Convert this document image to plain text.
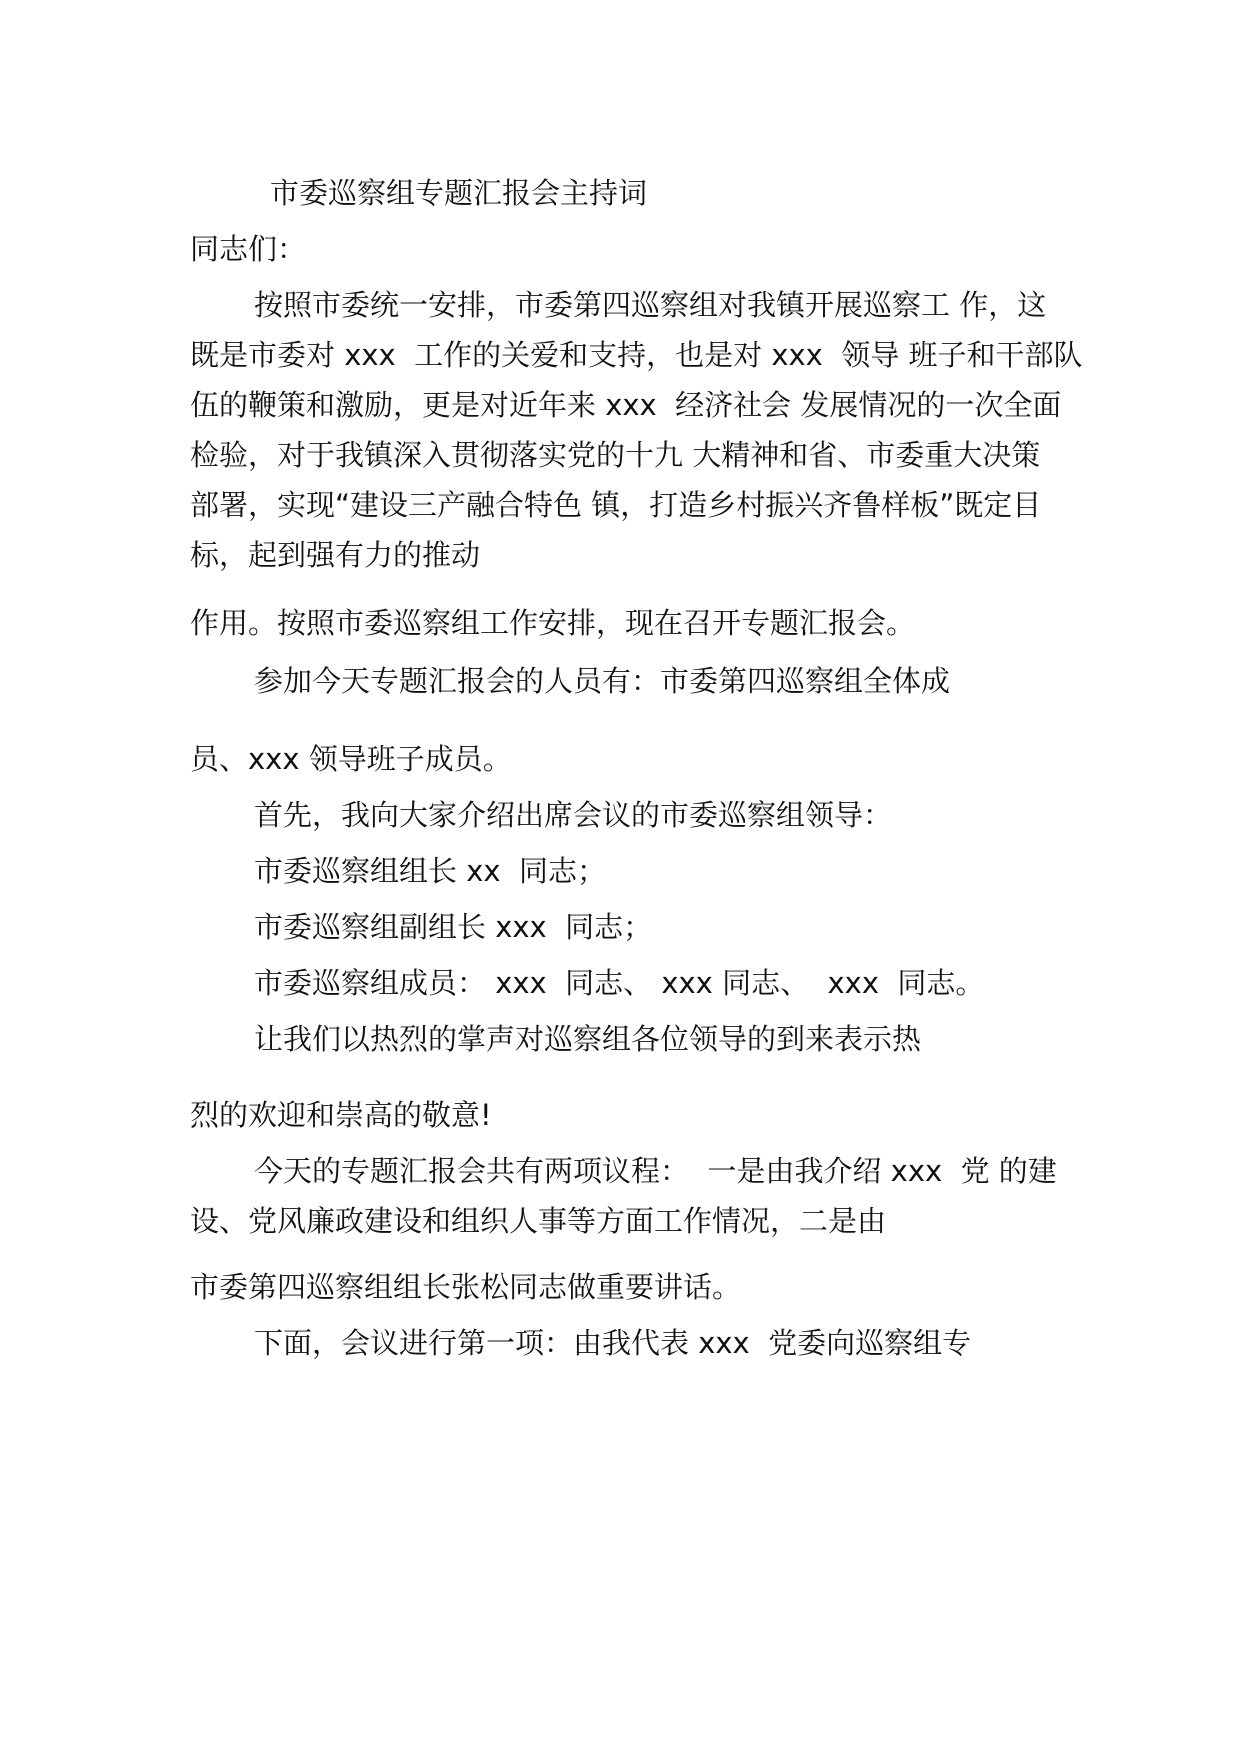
市委巡察组专题汇报会主持词
同志们：
按照市委统一安排，市委第四巡察组对我镇开展巡察工 作，这
既是市委对 xxx  工作的关爱和支持，也是对 xxx  领导 班子和干部队
伍的鞭策和激励，更是对近年来 xxx  经济社会 发展情况的一次全面
检验，对于我镇深入贯彻落实党的十九 大精神和省、市委重大决策
部署，实现“建设三产融合特色 镇，打造乡村振兴齐鲁样板”既定目
标，起到强有力的推动
作用。按照市委巡察组工作安排，现在召开专题汇报会。
参加今天专题汇报会的人员有：市委第四巡察组全体成
员、xxx 领导班子成员。
首先，我向大家介绍出席会议的市委巡察组领导：
市委巡察组组长 xx  同志；
市委巡察组副组长 xxx  同志；
市委巡察组成员： xxx  同志、 xxx 同志、  xxx  同志。
让我们以热烈的掌声对巡察组各位领导的到来表示热
烈的欢迎和崇高的敬意!
今天的专题汇报会共有两项议程：  一是由我介绍 xxx  党 的建
设、党风廉政建设和组织人事等方面工作情况，二是由
市委第四巡察组组长张松同志做重要讲话。
下面，会议进行第一项：由我代表 xxx  党委向巡察组专
